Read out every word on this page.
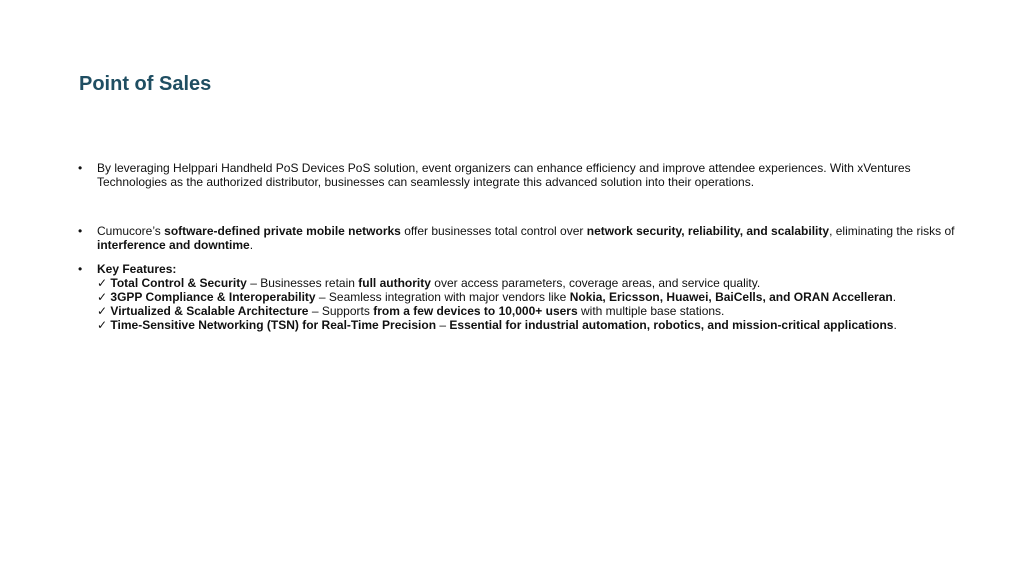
Point of Sales
•	By leveraging Helppari Handheld PoS Devices PoS solution, event organizers can enhance efficiency and improve attendee experiences. With xVentures Technologies as the authorized distributor, businesses can seamlessly integrate this advanced solution into their operations.
•	Cumucore’s software-defined private mobile networks offer businesses total control over network security, reliability, and scalability, eliminating the risks of interference and downtime.
•	Key Features:
✓ Total Control & Security – Businesses retain full authority over access parameters, coverage areas, and service quality.
✓ 3GPP Compliance & Interoperability – Seamless integration with major vendors like Nokia, Ericsson, Huawei, BaiCells, and ORAN Accelleran.
✓ Virtualized & Scalable Architecture – Supports from a few devices to 10,000+ users with multiple base stations.
✓ Time-Sensitive Networking (TSN) for Real-Time Precision – Essential for industrial automation, robotics, and mission-critical applications.
